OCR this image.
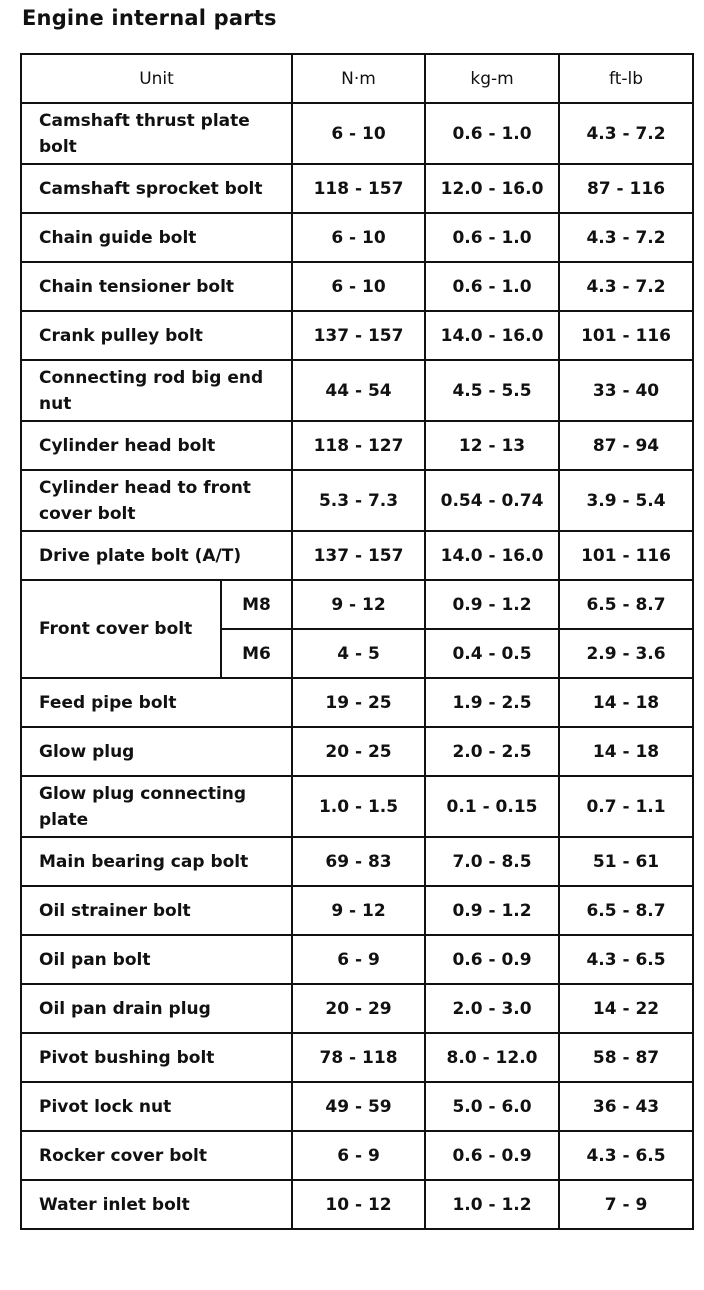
Engine internal parts
Unit		N·m	kg-m	ft-lb
Camshaft thrust plate bolt		6 - 10	0.6 - 1.0	4.3 - 7.2
Camshaft sprocket bolt		118 - 157	12.0 - 16.0	87 - 116
Chain guide bolt		6 - 10	0.6 - 1.0	4.3 - 7.2
Chain tensioner bolt		6 - 10	0.6 - 1.0	4.3 - 7.2
Crank pulley bolt		137 - 157	14.0 - 16.0	101 - 116
Connecting rod big end nut		44 - 54	4.5 - 5.5	33 - 40
Cylinder head bolt		118 - 127	12 - 13	87 - 94
Cylinder head to front cover bolt		5.3 - 7.3	0.54 - 0.74	3.9 - 5.4
Drive plate bolt (A/T)		137 - 157	14.0 - 16.0	101 - 116
Front cover bolt	M8	9 - 12	0.9 - 1.2	6.5 - 8.7
	M6	4 - 5	0.4 - 0.5	2.9 - 3.6
Feed pipe bolt		19 - 25	1.9 - 2.5	14 - 18
Glow plug		20 - 25	2.0 - 2.5	14 - 18
Glow plug connecting plate		1.0 - 1.5	0.1 - 0.15	0.7 - 1.1
Main bearing cap bolt		69 - 83	7.0 - 8.5	51 - 61
Oil strainer bolt		9 - 12	0.9 - 1.2	6.5 - 8.7
Oil pan bolt		6 - 9	0.6 - 0.9	4.3 - 6.5
Oil pan drain plug		20 - 29	2.0 - 3.0	14 - 22
Pivot bushing bolt		78 - 118	8.0 - 12.0	58 - 87
Pivot lock nut		49 - 59	5.0 - 6.0	36 - 43
Rocker cover bolt		6 - 9	0.6 - 0.9	4.3 - 6.5
Water inlet bolt		10 - 12	1.0 - 1.2	7 - 9
